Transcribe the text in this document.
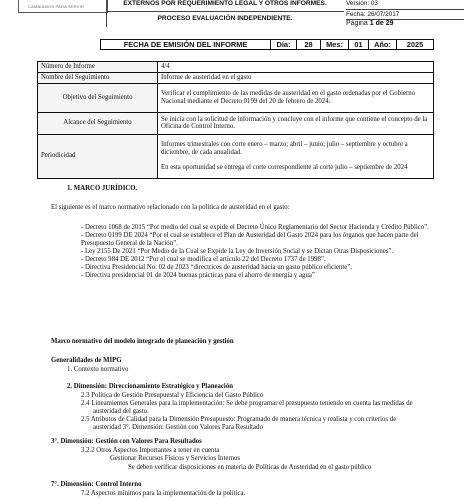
CAMBIAMOS PARA SERVIR	EXTERNOS POR REQUERIMIENTO LEGAL Y OTROS INFORMES.
PROCESO EVALUACIÓN INDEPENDIENTE.
Versión: 03
Fecha: 26/07/2017
Página 1 de 29
FECHA DE EMISIÓN DEL INFORME	Día:	28	Mes:	01	Año:	2025
Número de Informe	4/4
Nombre del Seguimiento	Informe de austeridad en el gasto
Objetivo del Seguimiento	Verificar el cumplimiento de las medidas de austeridad en el gasto ordenadas por el Gobierno Nacional mediante el Decreto 0199 del 20 de febrero de 2024.
Alcance del Seguimiento	Se inicia con la solicitud de información y concluye con el informe que contiene el concepto de la Oficina de Control Interno.
Periodicidad	Informes trimestrales con corte enero – marzo; abril – junio; julio – septiembre y octubre a diciembre, de cada anualidad.
En esta oportunidad se entrega el corte correspondiente al corte julio – septiembre de 2024
1. MARCO JURÍDICO.
El siguiente es el marco normativo relacionado con la política de austeridad en el gasto:
- Decreto 1068 de 2015 “Por medio del cual se expide el Decreto Único Reglamentario del Sector Hacienda y Crédito Público”.
- Decreto 0199 DE 2024 “Por el cual se establece el Plan de Austeridad del Gasto 2024 para los órganos que hacen parte del Presupuesto General de la Nación”.
- Ley 2155 De 2021 “Por Medio de la Cual se Expide la Ley de Inversión Social y se Dictan Otras Disposiciones”.
- Decreto 984 DE 2012 “Por el cual se modifica el artículo 22 del Decreto 1737 de 1998”.
- Directiva Presidencial No. 02 de 2023 “directrices de austeridad hacia un gasto público eficiente”.
- Directiva presidencial 01 de 2024 buenas prácticas para el ahorro de energía y agua”
Marco normativo del modelo integrado de planeación y gestión
Generalidades de MIPG
1. Contexto normativo
2. Dimensión: Direccionamiento Estratégico y Planeación
2.3 Política de Gestión Presupuestal y Eficiencia del Gasto Público
2.4 Lineamientos Generales para la implementación: Se debe programar el presupuesto teniendo en cuenta las medidas de austeridad del gasto.
2.5 Atributos de Calidad para la Dimensión Presupuesto: Programado de manera técnica y realista y con criterios de austeridad 3°. Dimensión: Gestión con Valores Para Resultado
3°. Dimensión: Gestión con Valores Para Resultados
3.2.2 Otros Aspectos Importantes a tener en cuenta
Gestionar Recursos Físicos y Servicios Internos
Se deben verificar disposiciones en materia de Políticas de Austeridad en el gasto público
7°. Dimensión: Control Interno
7.2 Aspectos mínimos para la implementación de la política.
